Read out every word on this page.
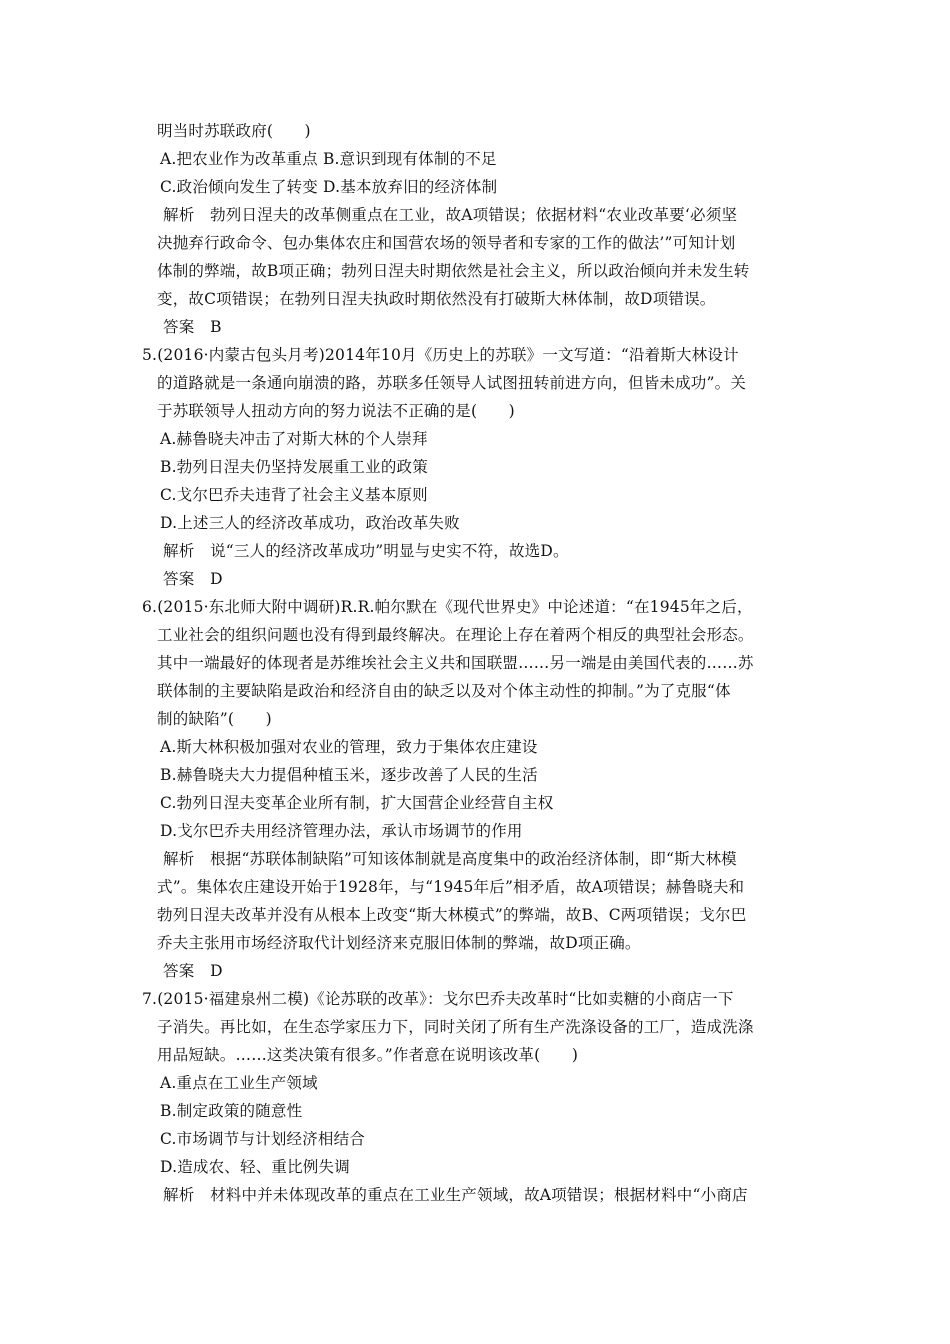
明当时苏联政府(　　)
A.把农业作为改革重点 B.意识到现有体制的不足
C.政治倾向发生了转变 D.基本放弃旧的经济体制
解析　勃列日涅夫的改革侧重点在工业，故A项错误；依据材料“农业改革要‘必须坚
决抛弃行政命令、包办集体农庄和国营农场的领导者和专家的工作的做法’”可知计划
体制的弊端，故B项正确；勃列日涅夫时期依然是社会主义，所以政治倾向并未发生转
变，故C项错误；在勃列日涅夫执政时期依然没有打破斯大林体制，故D项错误。
答案　B
5.(2016·内蒙古包头月考)2014年10月《历史上的苏联》一文写道：“沿着斯大林设计
的道路就是一条通向崩溃的路，苏联多任领导人试图扭转前进方向，但皆未成功”。关
于苏联领导人扭动方向的努力说法不正确的是(　　)
A.赫鲁晓夫冲击了对斯大林的个人崇拜
B.勃列日涅夫仍坚持发展重工业的政策
C.戈尔巴乔夫违背了社会主义基本原则
D.上述三人的经济改革成功，政治改革失败
解析　说“三人的经济改革成功”明显与史实不符，故选D。
答案　D
6.(2015·东北师大附中调研)R.R.帕尔默在《现代世界史》中论述道：“在1945年之后，
工业社会的组织问题也没有得到最终解决。在理论上存在着两个相反的典型社会形态。
其中一端最好的体现者是苏维埃社会主义共和国联盟……另一端是由美国代表的……苏
联体制的主要缺陷是政治和经济自由的缺乏以及对个体主动性的抑制。”为了克服“体
制的缺陷”(　　)
A.斯大林积极加强对农业的管理，致力于集体农庄建设
B.赫鲁晓夫大力提倡种植玉米，逐步改善了人民的生活
C.勃列日涅夫变革企业所有制，扩大国营企业经营自主权
D.戈尔巴乔夫用经济管理办法，承认市场调节的作用
解析　根据“苏联体制缺陷”可知该体制就是高度集中的政治经济体制，即“斯大林模
式”。集体农庄建设开始于1928年，与“1945年后”相矛盾，故A项错误；赫鲁晓夫和
勃列日涅夫改革并没有从根本上改变“斯大林模式”的弊端，故B、C两项错误；戈尔巴
乔夫主张用市场经济取代计划经济来克服旧体制的弊端，故D项正确。
答案　D
7.(2015·福建泉州二模)《论苏联的改革》：戈尔巴乔夫改革时“比如卖糖的小商店一下
子消失。再比如，在生态学家压力下，同时关闭了所有生产洗涤设备的工厂，造成洗涤
用品短缺。……这类决策有很多。”作者意在说明该改革(　　)
A.重点在工业生产领域
B.制定政策的随意性
C.市场调节与计划经济相结合
D.造成农、轻、重比例失调
解析　材料中并未体现改革的重点在工业生产领域，故A项错误；根据材料中“小商店
